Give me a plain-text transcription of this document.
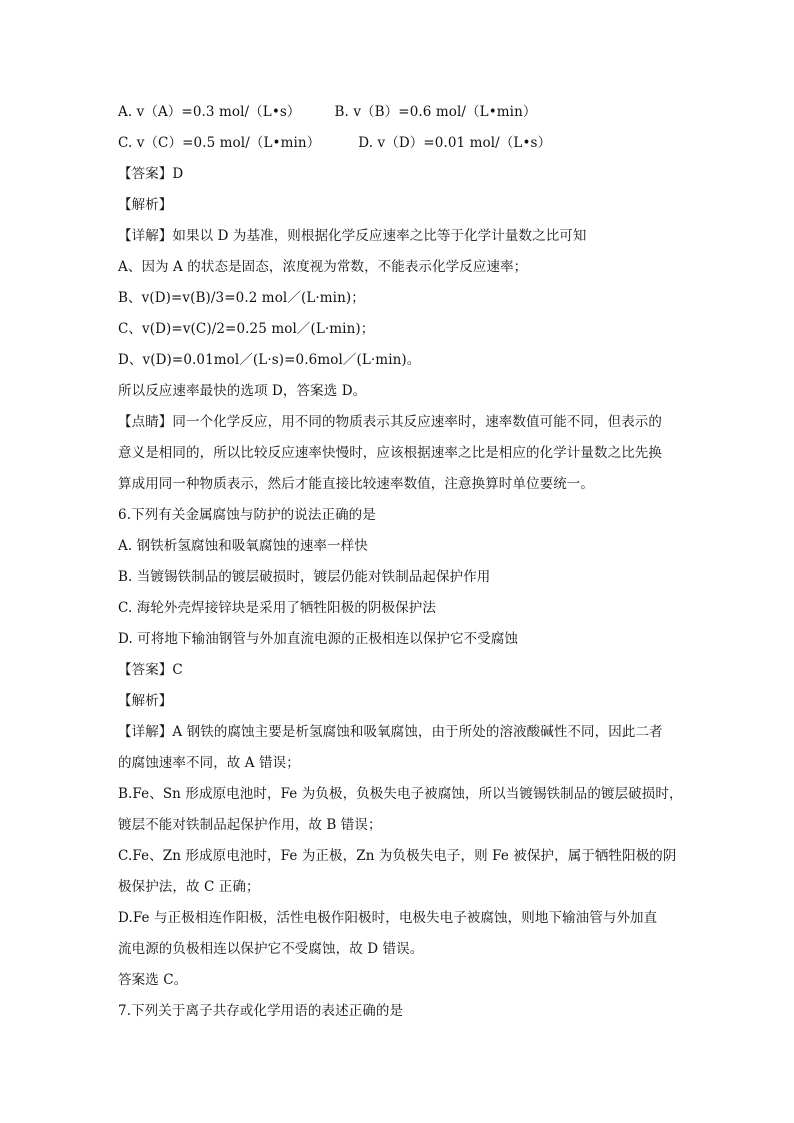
A. v（A）=0.3 mol/（L•s）	B. v（B）=0.6 mol/（L•min）
C. v（C）=0.5 mol/（L•min）	D. v（D）=0.01 mol/（L•s）
【答案】D
【解析】
【详解】如果以 D 为基准，则根据化学反应速率之比等于化学计量数之比可知
A、因为 A 的状态是固态，浓度视为常数，不能表示化学反应速率；
B、v(D)=v(B)/3=0.2 mol／(L·min)；
C、v(D)=v(C)/2=0.25 mol／(L·min)；
D、v(D)=0.01mol／(L·s)=0.6mol／(L·min)。
所以反应速率最快的选项 D，答案选 D。
【点睛】同一个化学反应，用不同的物质表示其反应速率时，速率数值可能不同，但表示的
意义是相同的，所以比较反应速率快慢时，应该根据速率之比是相应的化学计量数之比先换
算成用同一种物质表示，然后才能直接比较速率数值，注意换算时单位要统一。
6.下列有关金属腐蚀与防护的说法正确的是
A. 钢铁析氢腐蚀和吸氧腐蚀的速率一样快
B. 当镀锡铁制品的镀层破损时，镀层仍能对铁制品起保护作用
C. 海轮外壳焊接锌块是采用了牺牲阳极的阴极保护法
D. 可将地下输油钢管与外加直流电源的正极相连以保护它不受腐蚀
【答案】C
【解析】
【详解】A 钢铁的腐蚀主要是析氢腐蚀和吸氧腐蚀，由于所处的溶液酸碱性不同，因此二者
的腐蚀速率不同，故 A 错误；
B.Fe、Sn 形成原电池时，Fe 为负极，负极失电子被腐蚀，所以当镀锡铁制品的镀层破损时，
镀层不能对铁制品起保护作用，故 B 错误；
C.Fe、Zn 形成原电池时，Fe 为正极，Zn 为负极失电子，则 Fe 被保护，属于牺牲阳极的阴
极保护法，故 C 正确；
D.Fe 与正极相连作阳极，活性电极作阳极时，电极失电子被腐蚀，则地下输油管与外加直
流电源的负极相连以保护它不受腐蚀，故 D 错误。
答案选 C。
7.下列关于离子共存或化学用语的表述正确的是
